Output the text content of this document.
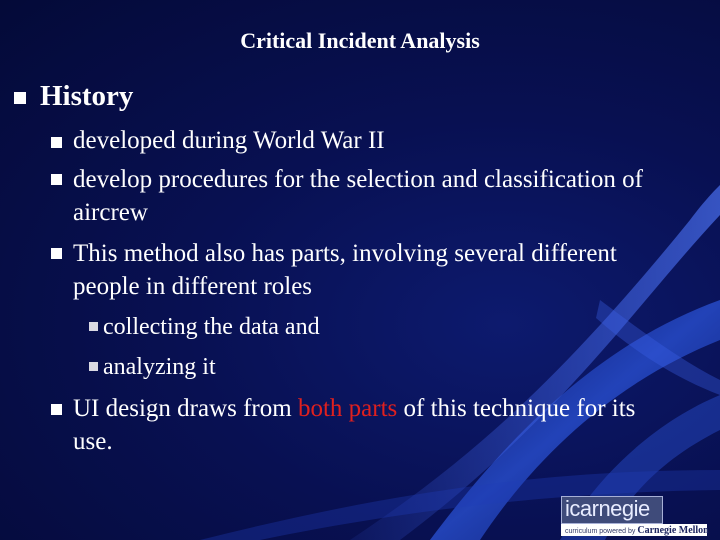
Critical Incident Analysis
History
developed during World War II
develop procedures for the selection and classification of
aircrew
This method also has parts, involving several different
people in different roles
collecting the data and
analyzing it
UI design draws from both parts of this technique for its
use.
icarnegie
curriculum powered by Carnegie Mellon
